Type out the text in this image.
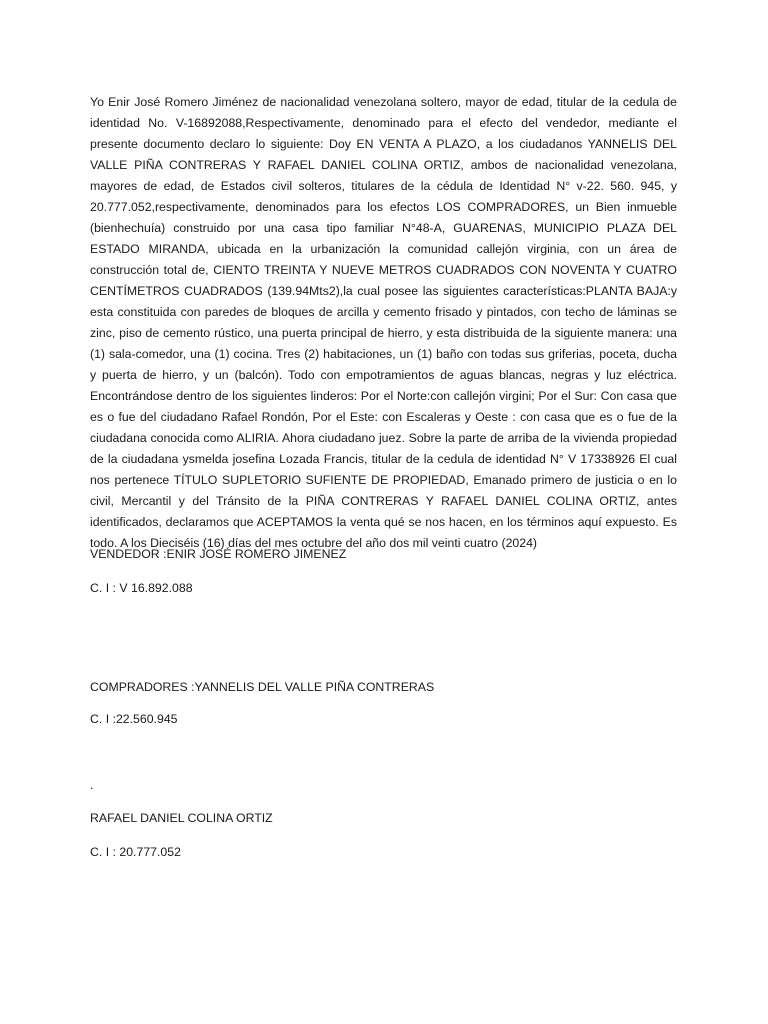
Yo Enir José Romero Jiménez de nacionalidad venezolana soltero, mayor de edad, titular de la cedula de identidad No. V-16892088,Respectivamente, denominado para el efecto del vendedor, mediante el presente documento declaro lo siguiente: Doy EN VENTA A PLAZO, a los ciudadanos YANNELIS DEL VALLE PIÑA CONTRERAS Y RAFAEL DANIEL COLINA ORTIZ, ambos de nacionalidad venezolana, mayores de edad, de Estados civil solteros, titulares de la cédula de Identidad N° v-22. 560. 945, y 20.777.052,respectivamente, denominados para los efectos LOS COMPRADORES, un Bien inmueble (bienhechuía) construido por una casa tipo familiar N°48-A, GUARENAS, MUNICIPIO PLAZA DEL ESTADO MIRANDA, ubicada en la urbanización la comunidad callejón virginia, con un área de construcción total de, CIENTO TREINTA Y NUEVE METROS CUADRADOS CON NOVENTA Y CUATRO CENTÍMETROS CUADRADOS (139.94Mts2),la cual posee las siguientes características:PLANTA BAJA:y esta constituida con paredes de bloques de arcilla y cemento frisado y pintados, con techo de láminas se zinc, piso de cemento rústico, una puerta principal de hierro, y esta distribuida de la siguiente manera: una (1) sala-comedor, una (1) cocina. Tres (2) habitaciones, un (1) baño con todas sus griferias, poceta, ducha y puerta de hierro, y un (balcón). Todo con empotramientos de aguas blancas, negras y luz eléctrica. Encontrándose dentro de los siguientes linderos: Por el Norte:con callejón virgini; Por el Sur: Con casa que es o fue del ciudadano Rafael Rondón, Por el Este: con Escaleras y Oeste : con casa que es o fue de la ciudadana conocida como ALIRIA. Ahora ciudadano juez. Sobre la parte de arriba de la vivienda propiedad de la ciudadana ysmelda josefina Lozada Francis, titular de la cedula de identidad N° V 17338926 El cual nos pertenece TÍTULO SUPLETORIO SUFIENTE DE PROPIEDAD, Emanado primero de justicia o en lo civil, Mercantil y del Tránsito de la PIÑA CONTRERAS Y RAFAEL DANIEL COLINA ORTIZ, antes identificados, declaramos que ACEPTAMOS la venta qué se nos hacen, en los términos aquí expuesto. Es todo. A los Dieciséis (16) días del mes octubre del año dos mil veinti cuatro (2024)

VENDEDOR :ENIR JOSÉ ROMERO JIMENEZ

C. I : V 16.892.088

COMPRADORES :YANNELIS DEL VALLE PIÑA CONTRERAS

C. I :22.560.945

.

RAFAEL DANIEL COLINA ORTIZ

C. I : 20.777.052
